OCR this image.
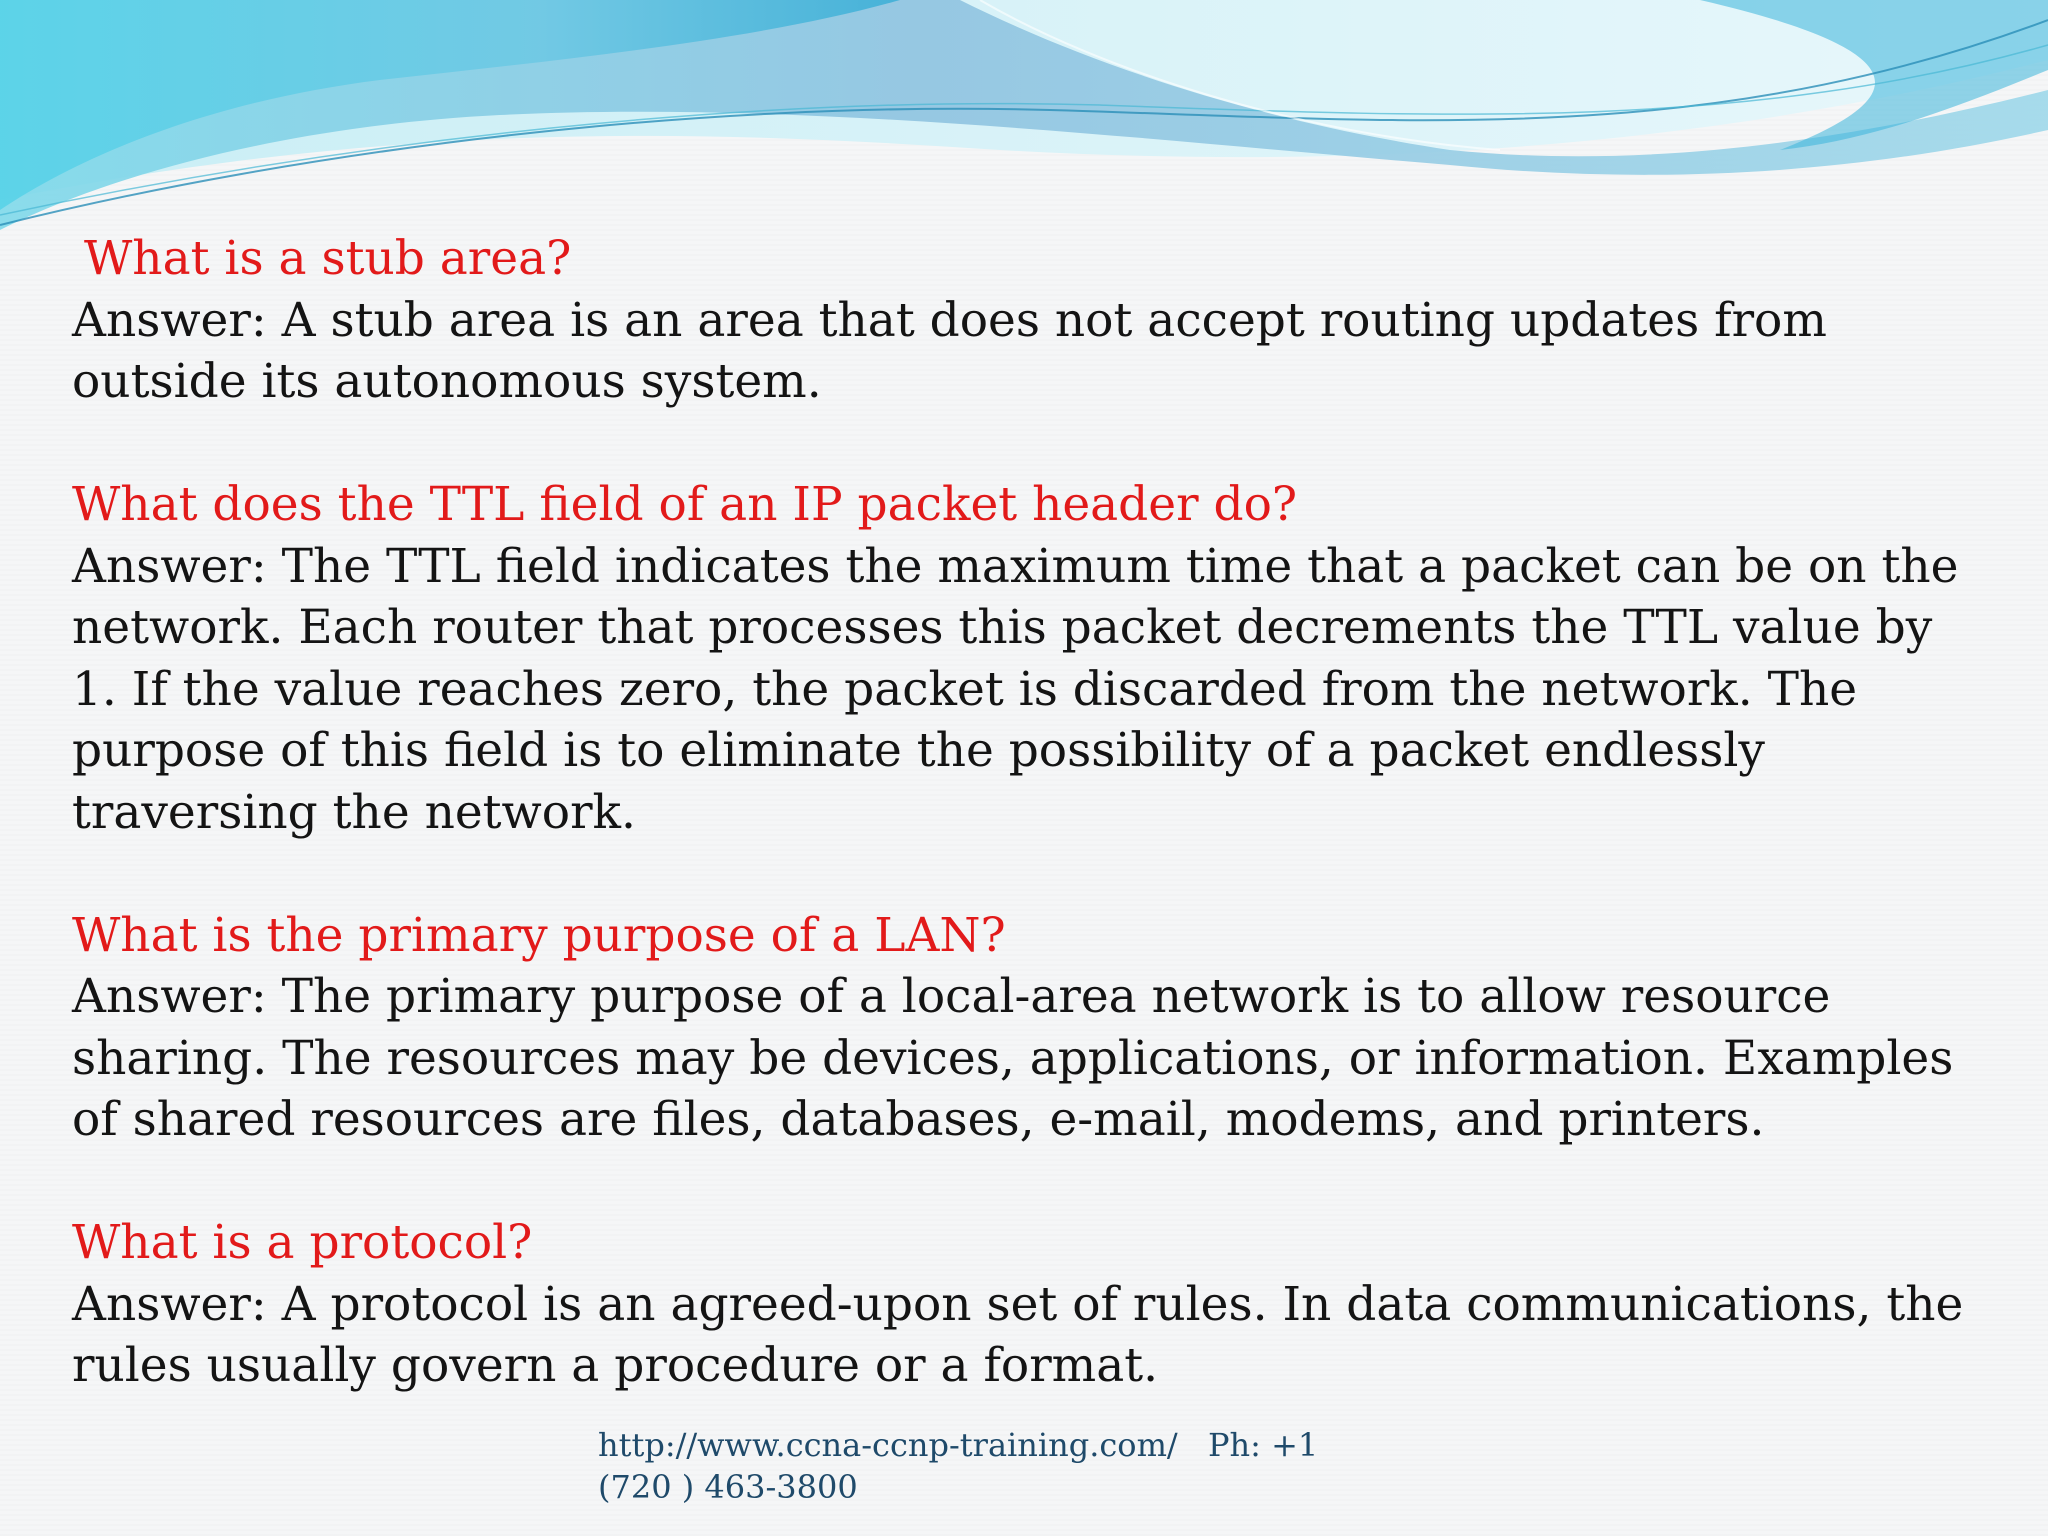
What is a stub area?
Answer: A stub area is an area that does not accept routing updates from outside its autonomous system.
What does the TTL field of an IP packet header do?
Answer: The TTL field indicates the maximum time that a packet can be on the network. Each router that processes this packet decrements the TTL value by 1. If the value reaches zero, the packet is discarded from the network. The purpose of this field is to eliminate the possibility of a packet endlessly traversing the network.
What is the primary purpose of a LAN?
Answer: The primary purpose of a local-area network is to allow resource sharing. The resources may be devices, applications, or information. Examples of shared resources are files, databases, e-mail, modems, and printers.
What is a protocol?
Answer: A protocol is an agreed-upon set of rules. In data communications, the rules usually govern a procedure or a format.
http://www.ccna-ccnp-training.com/ Ph: +1
(720 ) 463-3800
